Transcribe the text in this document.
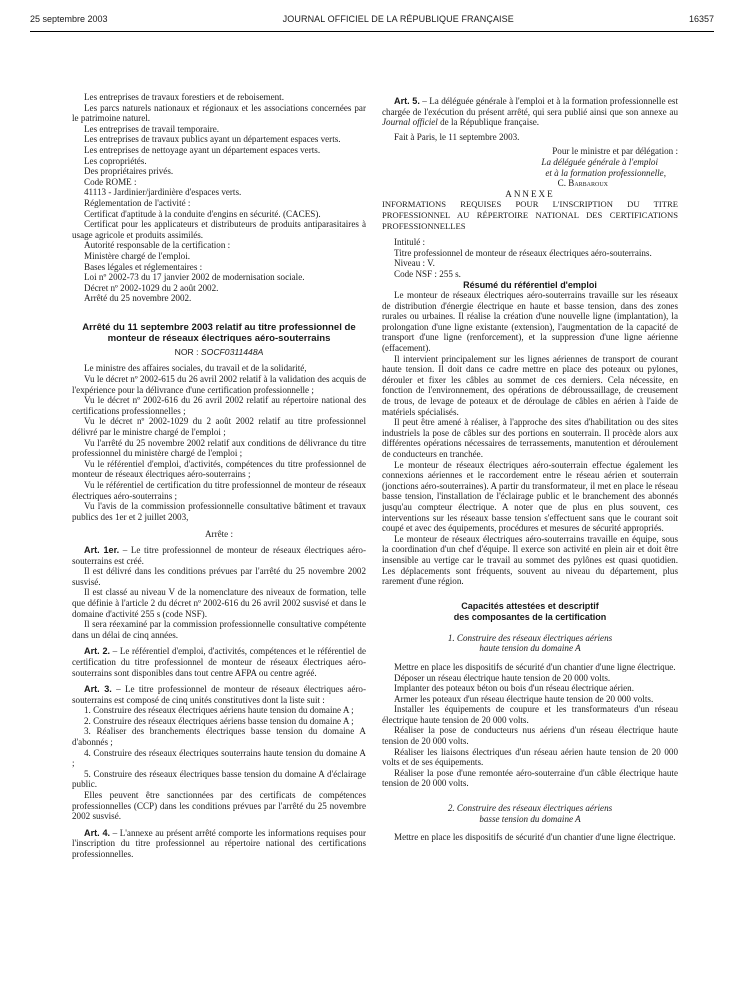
25 septembre 2003	JOURNAL OFFICIEL DE LA RÉPUBLIQUE FRANÇAISE	16357

Les entreprises de travaux forestiers et de reboisement.

Les parcs naturels nationaux et régionaux et les associations concernées par le patrimoine naturel.

Les entreprises de travail temporaire.

Les entreprises de travaux publics ayant un département espaces verts.

Les entreprises de nettoyage ayant un département espaces verts.

Les copropriétés.

Des propriétaires privés.

Code ROME :

41113 - Jardinier/jardinière d'espaces verts.

Réglementation de l'activité :

Certificat d'aptitude à la conduite d'engins en sécurité. (CACES).

Certificat pour les applicateurs et distributeurs de produits antiparasitaires à usage agricole et produits assimilés.

Autorité responsable de la certification :

Ministère chargé de l'emploi.

Bases légales et réglementaires :

Loi nº 2002-73 du 17 janvier 2002 de modernisation sociale.

Décret nº 2002-1029 du 2 août 2002.

Arrêté du 25 novembre 2002.

Arrêté du 11 septembre 2003 relatif au titre professionnel de monteur de réseaux électriques aéro-souterrains
NOR : SOCF0311448A

Le ministre des affaires sociales, du travail et de la solidarité,

Vu le décret nº 2002-615 du 26 avril 2002 relatif à la validation des acquis de l'expérience pour la délivrance d'une certification professionnelle ;

Vu le décret nº 2002-616 du 26 avril 2002 relatif au répertoire national des certifications professionnelles ;

Vu le décret nº 2002-1029 du 2 août 2002 relatif au titre professionnel délivré par le ministre chargé de l'emploi ;

Vu l'arrêté du 25 novembre 2002 relatif aux conditions de délivrance du titre professionnel du ministère chargé de l'emploi ;

Vu le référentiel d'emploi, d'activités, compétences du titre professionnel de monteur de réseaux électriques aéro-souterrains ;

Vu le référentiel de certification du titre professionnel de monteur de réseaux électriques aéro-souterrains ;

Vu l'avis de la commission professionnelle consultative bâtiment et travaux publics des 1er et 2 juillet 2003,

Arrête :

Art. 1er. – Le titre professionnel de monteur de réseaux électriques aéro-souterrains est créé.

Il est délivré dans les conditions prévues par l'arrêté du 25 novembre 2002 susvisé.

Il est classé au niveau V de la nomenclature des niveaux de formation, telle que définie à l'article 2 du décret nº 2002-616 du 26 avril 2002 susvisé et dans le domaine d'activité 255 s (code NSF).

Il sera réexaminé par la commission professionnelle consultative compétente dans un délai de cinq années.

Art. 2. – Le référentiel d'emploi, d'activités, compétences et le référentiel de certification du titre professionnel de monteur de réseaux électriques aéro-souterrains sont disponibles dans tout centre AFPA ou centre agréé.

Art. 3. – Le titre professionnel de monteur de réseaux électriques aéro-souterrains est composé de cinq unités constitutives dont la liste suit :

1. Construire des réseaux électriques aériens haute tension du domaine A ;

2. Construire des réseaux électriques aériens basse tension du domaine A ;

3. Réaliser des branchements électriques basse tension du domaine A d'abonnés ;

4. Construire des réseaux électriques souterrains haute tension du domaine A ;

5. Construire des réseaux électriques basse tension du domaine A d'éclairage public.

Elles peuvent être sanctionnées par des certificats de compétences professionnelles (CCP) dans les conditions prévues par l'arrêté du 25 novembre 2002 susvisé.

Art. 4. – L'annexe au présent arrêté comporte les informations requises pour l'inscription du titre professionnel au répertoire national des certifications professionnelles.

Art. 5. – La déléguée générale à l'emploi et à la formation professionnelle est chargée de l'exécution du présent arrêté, qui sera publié ainsi que son annexe au Journal officiel de la République française.

Fait à Paris, le 11 septembre 2003.

Pour le ministre et par délégation :

La déléguée générale à l'emploi

et à la formation professionnelle,

C. Barbaroux

ANNEXE

INFORMATIONS REQUISES POUR L'INSCRIPTION DU TITRE PROFESSIONNEL AU RÉPERTOIRE NATIONAL DES CERTIFICATIONS PROFESSIONNELLES

Intitulé :

Titre professionnel de monteur de réseaux électriques aéro-souterrains.

Niveau : V.

Code NSF : 255 s.

Résumé du référentiel d'emploi

Le monteur de réseaux électriques aéro-souterrains travaille sur les réseaux de distribution d'énergie électrique en haute et basse tension, dans des zones rurales ou urbaines. Il réalise la création d'une nouvelle ligne (implantation), la prolongation d'une ligne existante (extension), l'augmentation de la capacité de transport d'une ligne (renforcement), et la suppression d'une ligne aérienne (effacement).

Il intervient principalement sur les lignes aériennes de transport de courant haute tension. Il doit dans ce cadre mettre en place des poteaux ou pylones, dérouler et fixer les câbles au sommet de ces derniers. Cela nécessite, en fonction de l'environnement, des opérations de débroussaillage, de creusement de trous, de levage de poteaux et de déroulage de câbles en aérien à l'aide de matériels spécialisés.

Il peut être amené à réaliser, à l'approche des sites d'habilitation ou des sites industriels la pose de câbles sur des portions en souterrain. Il procède alors aux différentes opérations nécessaires de terrassements, manutention et déroulement de conducteurs en tranchée.

Le monteur de réseaux électriques aéro-souterrain effectue également les connexions aériennes et le raccordement entre le réseau aérien et souterrain (jonctions aéro-souterraines). A partir du transformateur, il met en place le réseau basse tension, l'installation de l'éclairage public et le branchement des abonnés jusqu'au compteur électrique. A noter que de plus en plus souvent, ces interventions sur les réseaux basse tension s'effectuent sans que le courant soit coupé et avec des équipements, procédures et mesures de sécurité appropriés.

Le monteur de réseaux électriques aéro-souterrains travaille en équipe, sous la coordination d'un chef d'équipe. Il exerce son activité en plein air et doit être insensible au vertige car le travail au sommet des pylônes est quasi quotidien. Les déplacements sont fréquents, souvent au niveau du département, plus rarement d'une région.

Capacités attestées et descriptif
des composantes de la certification
1. Construire des réseaux électriques aériens
haute tension du domaine A

Mettre en place les dispositifs de sécurité d'un chantier d'une ligne électrique.

Déposer un réseau électrique haute tension de 20 000 volts.

Implanter des poteaux béton ou bois d'un réseau électrique aérien.

Armer les poteaux d'un réseau électrique haute tension de 20 000 volts.

Installer les équipements de coupure et les transformateurs d'un réseau électrique haute tension de 20 000 volts.

Réaliser la pose de conducteurs nus aériens d'un réseau électrique haute tension de 20 000 volts.

Réaliser les liaisons électriques d'un réseau aérien haute tension de 20 000 volts et de ses équipements.

Réaliser la pose d'une remontée aéro-souterraine d'un câble électrique haute tension de 20 000 volts.

2. Construire des réseaux électriques aériens
basse tension du domaine A

Mettre en place les dispositifs de sécurité d'un chantier d'une ligne électrique.
